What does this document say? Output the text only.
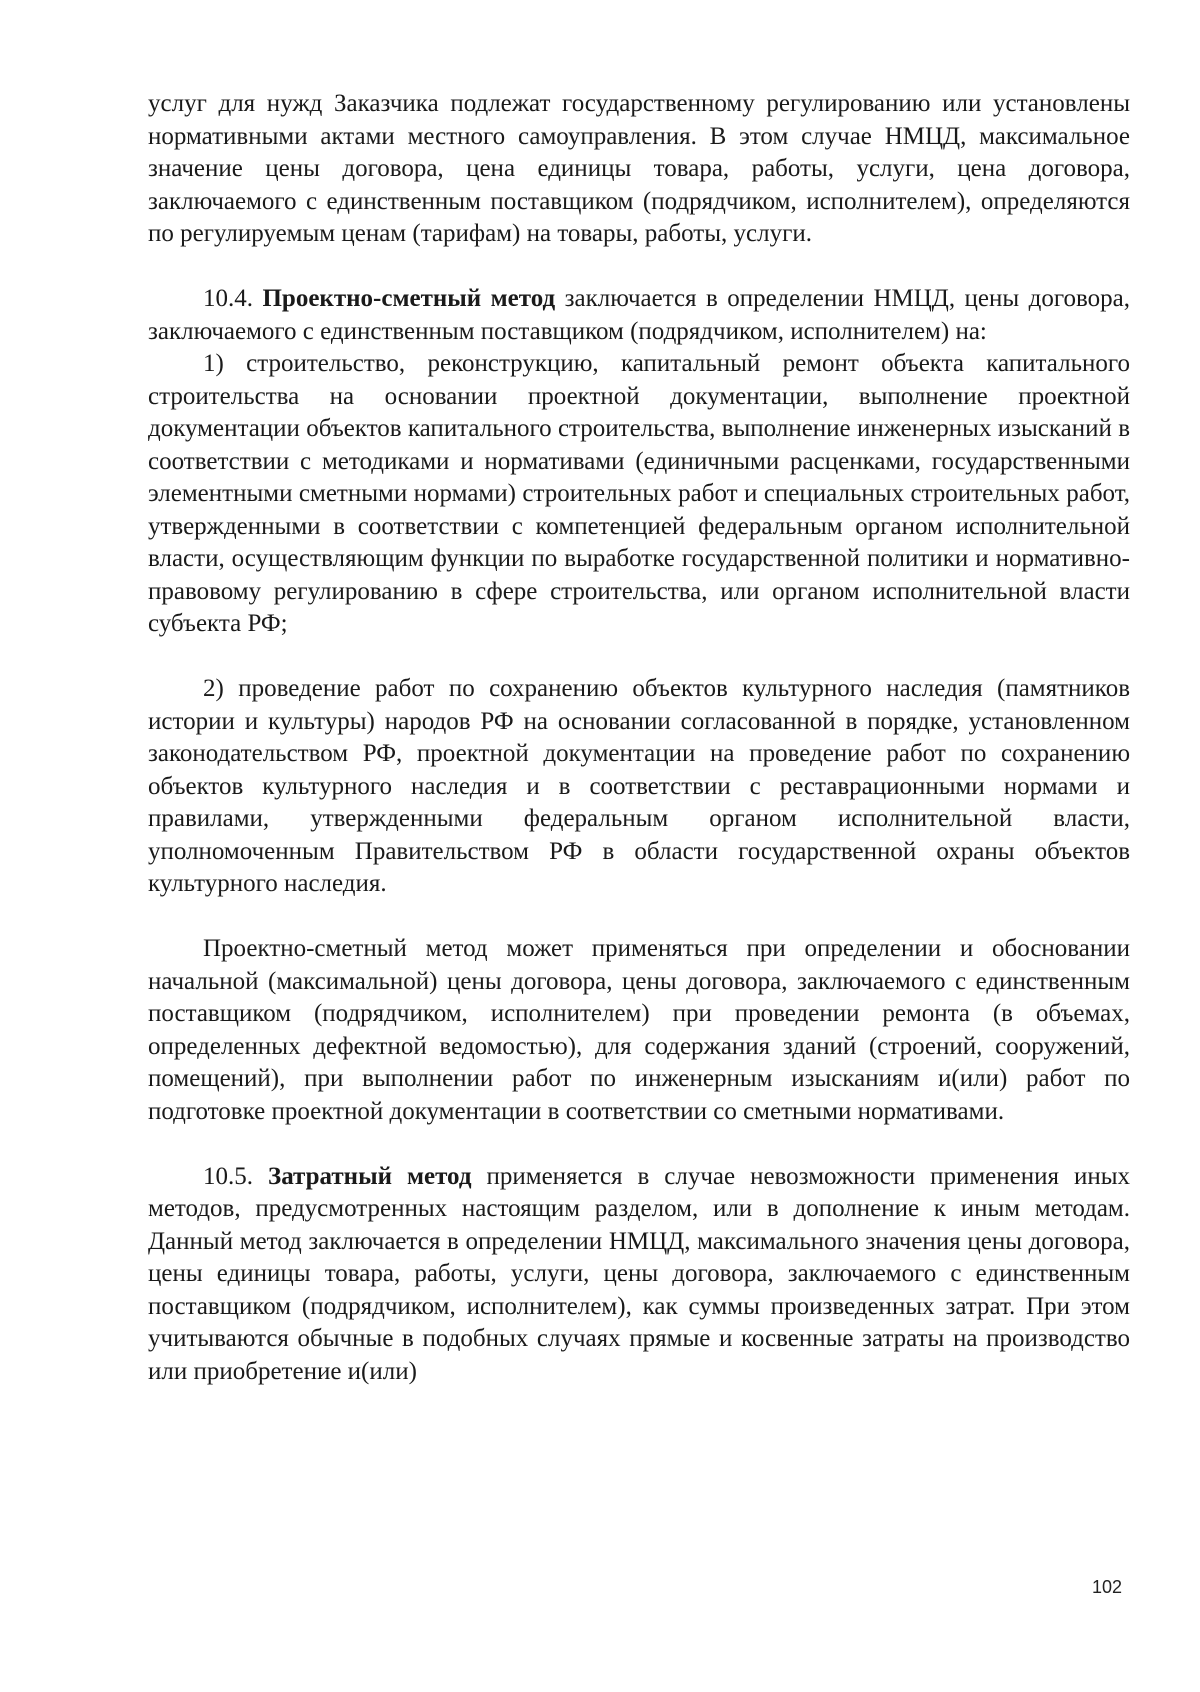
услуг для нужд Заказчика подлежат государственному регулированию или установлены нормативными актами местного самоуправления. В этом случае НМЦД, максимальное значение цены договора, цена единицы товара, работы, услуги, цена договора, заключаемого с единственным поставщиком (подрядчиком, исполнителем), определяются по регулируемым ценам (тарифам) на товары, работы, услуги.

10.4. Проектно-сметный метод заключается в определении НМЦД, цены договора, заключаемого с единственным поставщиком (подрядчиком, исполнителем) на:

1) строительство, реконструкцию, капитальный ремонт объекта капитального строительства на основании проектной документации, выполнение проектной документации объектов капитального строительства, выполнение инженерных изысканий в соответствии с методиками и нормативами (единичными расценками, государственными элементными сметными нормами) строительных работ и специальных строительных работ, утвержденными в соответствии с компетенцией федеральным органом исполнительной власти, осуществляющим функции по выработке государственной политики и нормативно-правовому регулированию в сфере строительства, или органом исполнительной власти субъекта РФ;

2) проведение работ по сохранению объектов культурного наследия (памятников истории и культуры) народов РФ на основании согласованной в порядке, установленном законодательством РФ, проектной документации на проведение работ по сохранению объектов культурного наследия и в соответствии с реставрационными нормами и правилами, утвержденными федеральным органом исполнительной власти, уполномоченным Правительством РФ в области государственной охраны объектов культурного наследия.

Проектно-сметный метод может применяться при определении и обосновании начальной (максимальной) цены договора, цены договора, заключаемого с единственным поставщиком (подрядчиком, исполнителем) при проведении ремонта (в объемах, определенных дефектной ведомостью), для содержания зданий (строений, сооружений, помещений), при выполнении работ по инженерным изысканиям и(или) работ по подготовке проектной документации в соответствии со сметными нормативами.

10.5. Затратный метод применяется в случае невозможности применения иных методов, предусмотренных настоящим разделом, или в дополнение к иным методам. Данный метод заключается в определении НМЦД, максимального значения цены договора, цены единицы товара, работы, услуги, цены договора, заключаемого с единственным поставщиком (подрядчиком, исполнителем), как суммы произведенных затрат. При этом учитываются обычные в подобных случаях прямые и косвенные затраты на производство или приобретение и(или)

102
